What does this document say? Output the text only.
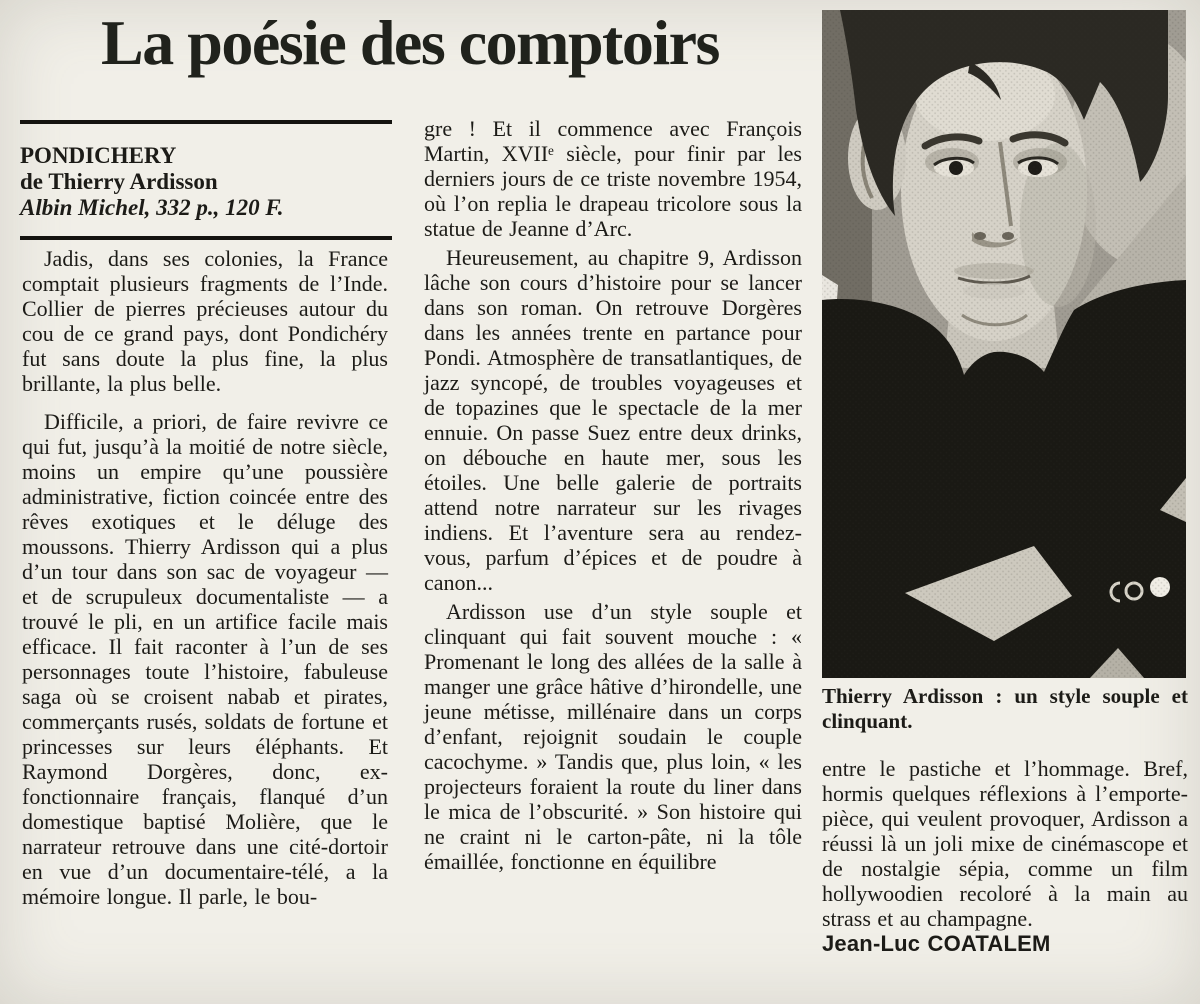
La poésie des comptoirs
PONDICHERY
de Thierry Ardisson
Albin Michel, 332 p., 120 F.

Jadis, dans ses colonies, la France comptait plusieurs fragments de l’Inde. Collier de pierres précieuses autour du cou de ce grand pays, dont Pondichéry fut sans doute la plus fine, la plus brillante, la plus belle.

Difficile, a priori, de faire revivre ce qui fut, jusqu’à la moitié de notre siècle, moins un empire qu’une poussière administrative, fiction coincée entre des rêves exotiques et le déluge des moussons. Thierry Ardisson qui a plus d’un tour dans son sac de voyageur — et de scrupuleux documentaliste — a trouvé le pli, en un artifice facile mais efficace. Il fait raconter à l’un de ses personnages toute l’histoire, fabuleuse saga où se croisent nabab et pirates, commerçants rusés, soldats de fortune et princesses sur leurs éléphants. Et Raymond Dorgères, donc, ex-fonctionnaire français, flanqué d’un domestique baptisé Molière, que le narrateur retrouve dans une cité-dortoir en vue d’un documentaire-télé, a la mémoire longue. Il parle, le bou-

gre ! Et il commence avec François Martin, XVIIᵉ siècle, pour finir par les derniers jours de ce triste novembre 1954, où l’on replia le drapeau tricolore sous la statue de Jeanne d’Arc.

Heureusement, au chapitre 9, Ardisson lâche son cours d’histoire pour se lancer dans son roman. On retrouve Dorgères dans les années trente en partance pour Pondi. Atmosphère de transatlantiques, de jazz syncopé, de troubles voyageuses et de topazines que le spectacle de la mer ennuie. On passe Suez entre deux drinks, on débouche en haute mer, sous les étoiles. Une belle galerie de portraits attend notre narrateur sur les rivages indiens. Et l’aventure sera au rendez-vous, parfum d’épices et de poudre à canon...

Ardisson use d’un style souple et clinquant qui fait souvent mouche : « Promenant le long des allées de la salle à manger une grâce hâtive d’hirondelle, une jeune métisse, millénaire dans un corps d’enfant, rejoignit soudain le couple cacochyme. » Tandis que, plus loin, « les projecteurs foraient la route du liner dans le mica de l’obscurité. » Son histoire qui ne craint ni le carton-pâte, ni la tôle émaillée, fonctionne en équilibre

Thierry Ardisson : un style souple et clinquant.

entre le pastiche et l’hommage. Bref, hormis quelques réflexions à l’emporte-pièce, qui veulent provoquer, Ardisson a réussi là un joli mixe de cinémascope et de nostalgie sépia, comme un film hollywoodien recoloré à la main au strass et au champagne.

Jean-Luc COATALEM
